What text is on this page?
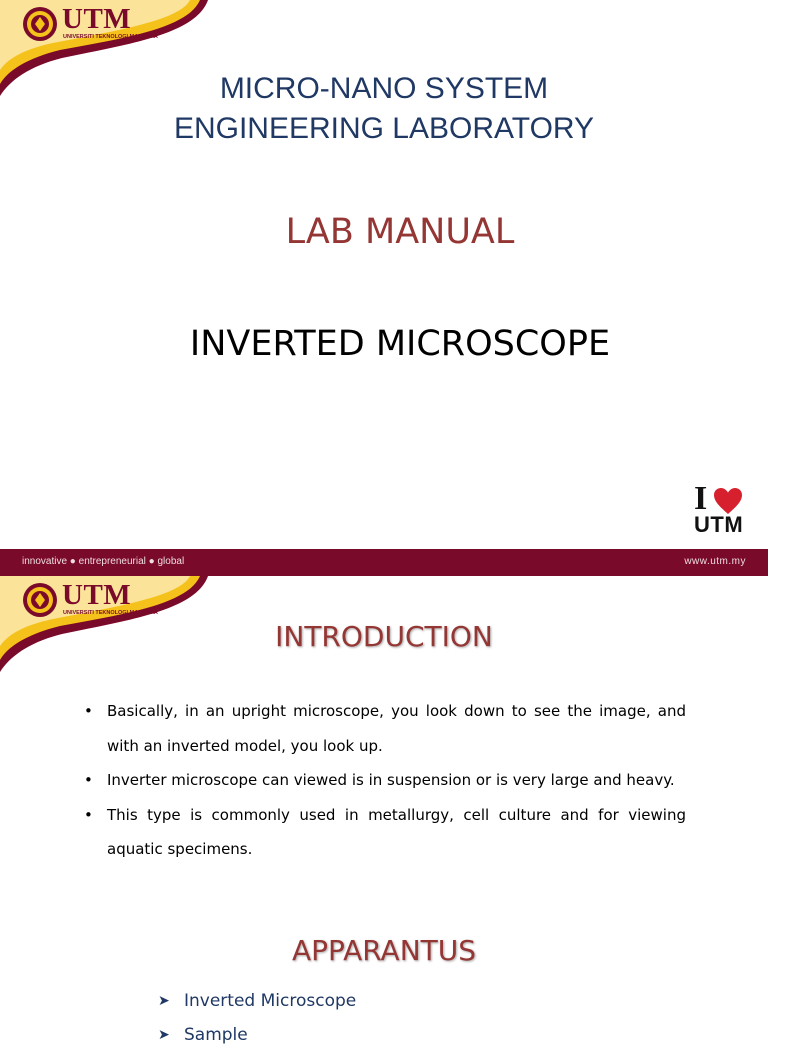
UTM
UNIVERSITI TEKNOLOGI MALAYSIA
MICRO-NANO SYSTEM
ENGINEERING LABORATORY
LAB MANUAL
INVERTED MICROSCOPE
I
UTM
innovative ● entrepreneurial ● global	www.utm.my
UTM
UNIVERSITI TEKNOLOGI MALAYSIA
INTRODUCTION
• Basically, in an upright microscope, you look down to see the image, and with an inverted model, you look up.
• Inverter microscope can viewed is in suspension or is very large and heavy.
• This type is commonly used in metallurgy, cell culture and for viewing aquatic specimens.
APPARANTUS
➤ Inverted Microscope
➤ Sample
